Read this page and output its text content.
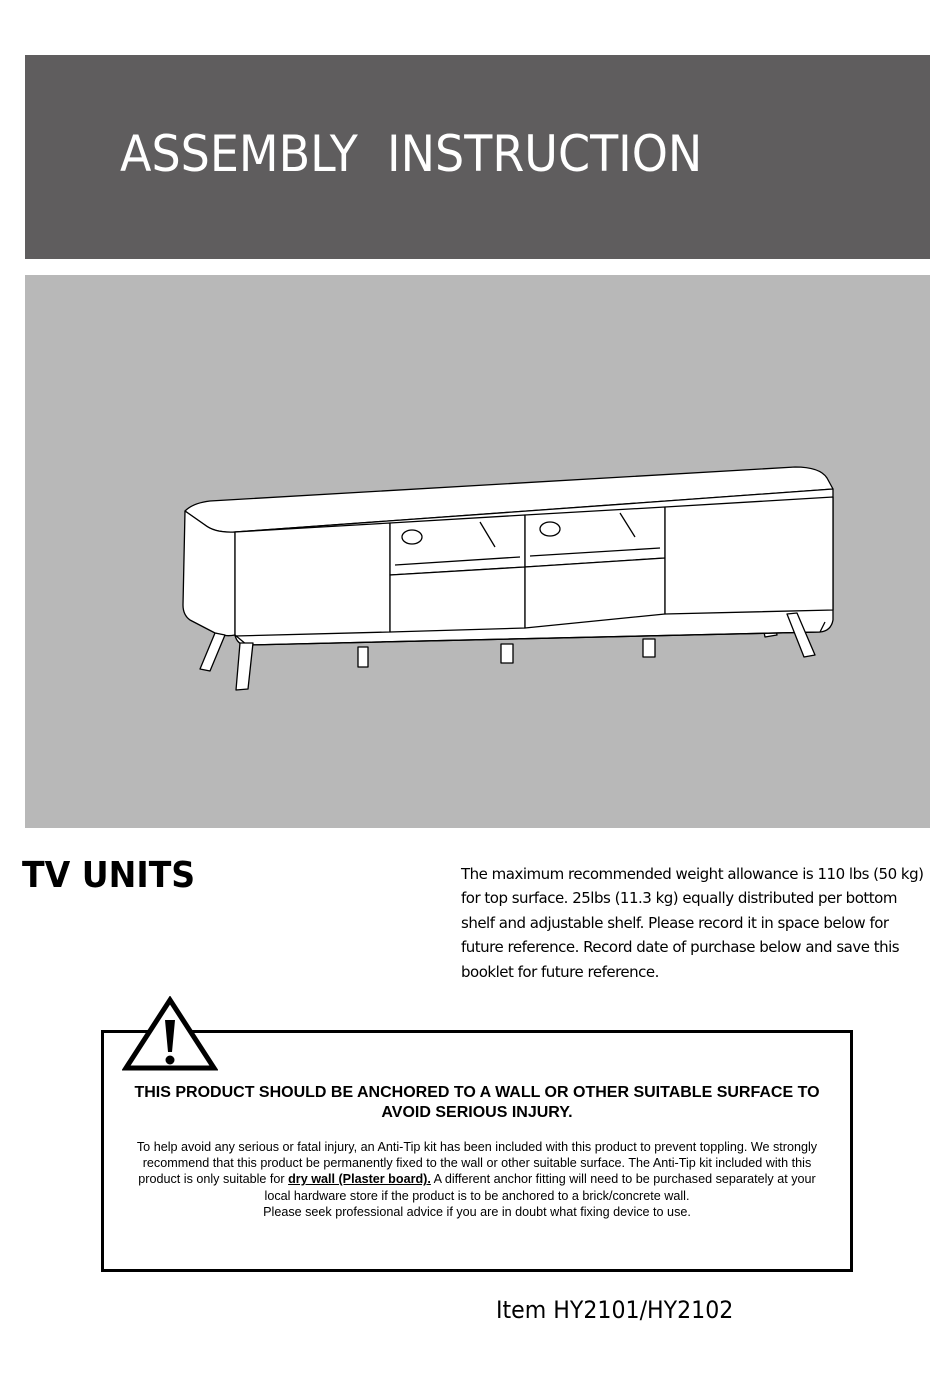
ASSEMBLY  INSTRUCTION
TV UNITS	The maximum recommended weight allowance is 110 lbs (50 kg) for top surface. 25lbs (11.3 kg) equally distributed per bottom shelf and adjustable shelf. Please record it in space below for future reference. Record date of purchase below and save this booklet for future reference.

THIS PRODUCT SHOULD BE ANCHORED TO A WALL OR OTHER SUITABLE SURFACE TO AVOID SERIOUS INJURY.

To help avoid any serious or fatal injury, an Anti-Tip kit has been included with this product to prevent toppling. We strongly recommend that this product be permanently fixed to the wall or other suitable surface. The Anti-Tip kit included with this product is only suitable for dry wall (Plaster board). A different anchor fitting will need to be purchased separately at your local hardware store if the product is to be anchored to a brick/concrete wall.
Please seek professional advice if you are in doubt what fixing device to use.

Item HY2101/HY2102
